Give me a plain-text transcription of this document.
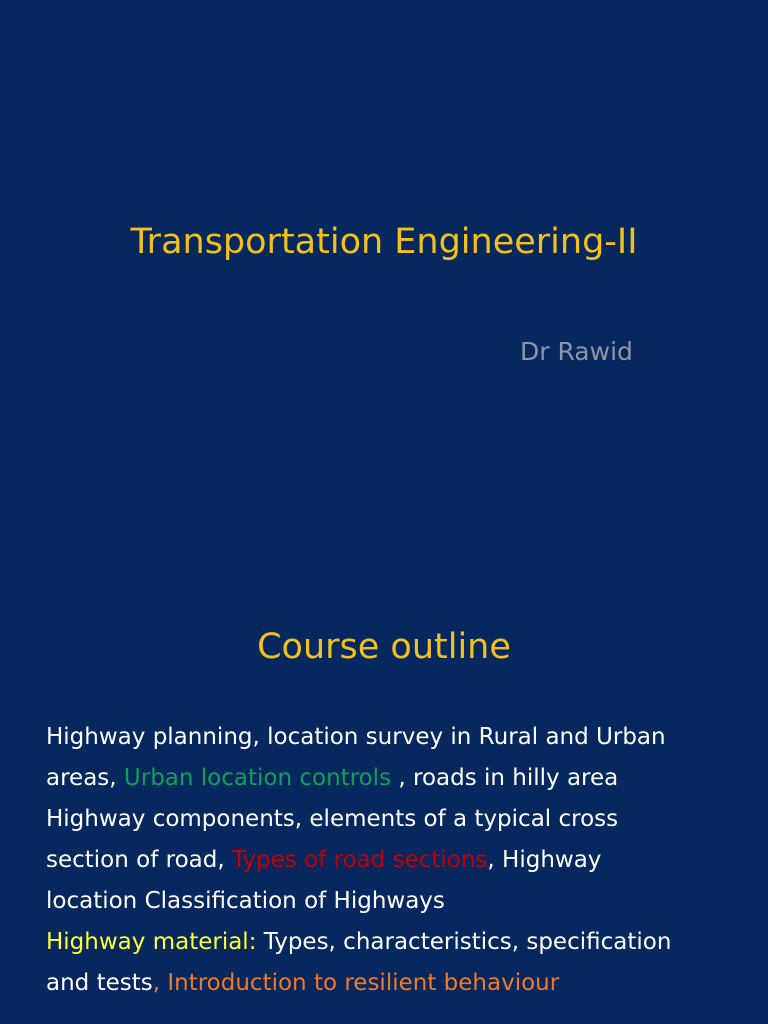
Transportation Engineering-II
Dr Rawid
Course outline
Highway planning, location survey in Rural and Urban
areas, Urban location controls , roads in hilly area
Highway components, elements of a typical cross
section of road, Types of road sections, Highway
location Classification of Highways
Highway material: Types, characteristics, specification
and tests, Introduction to resilient behaviour
